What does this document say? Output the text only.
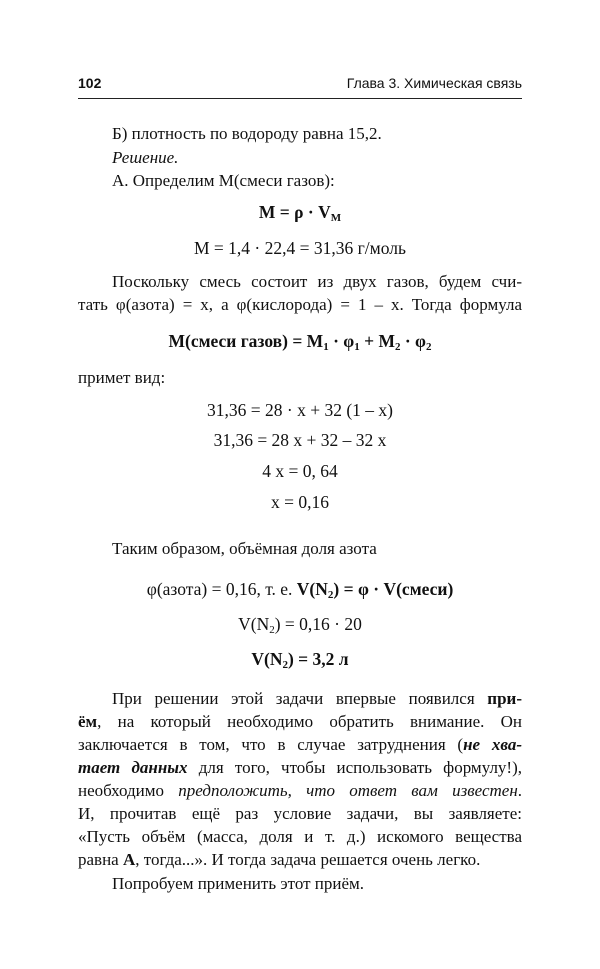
102	Глава 3. Химическая связь
Б) плотность по водороду равна 15,2.
Решение.
А. Определим M(смеси газов):
$M = \rho \cdot V_M$
M = 1,4 · 22,4 = 31,36 г/моль
Поскольку смесь состоит из двух газов, будем счи-
тать φ(азота) = x, а φ(кислорода) = 1 – x. Тогда формула
M(смеси газов) = $M_1 \cdot \varphi_1 + M_2 \cdot \varphi_2$
примет вид:
31,36 = 28 · x + 32 (1 – x)
31,36 = 28 x + 32 – 32 x
4 x = 0, 64
x = 0,16
Таким образом, объёмная доля азота
φ(азота) = 0,16, т. е. $V(N_2) = \varphi$ · V(смеси)
$V(N_2) = 0,16 \cdot 20$
$V(N_2) = 3,2$ л
При решении этой задачи впервые появился при-
ём, на который необходимо обратить внимание. Он
заключается в том, что в случае затруднения (не хва-
тает данных для того, чтобы использовать формулу!),
необходимо предположить, что ответ вам известен.
И, прочитав ещё раз условие задачи, вы заявляете:
«Пусть объём (масса, доля и т. д.) искомого вещества
равна А, тогда...». И тогда задача решается очень легко.
Попробуем применить этот приём.
